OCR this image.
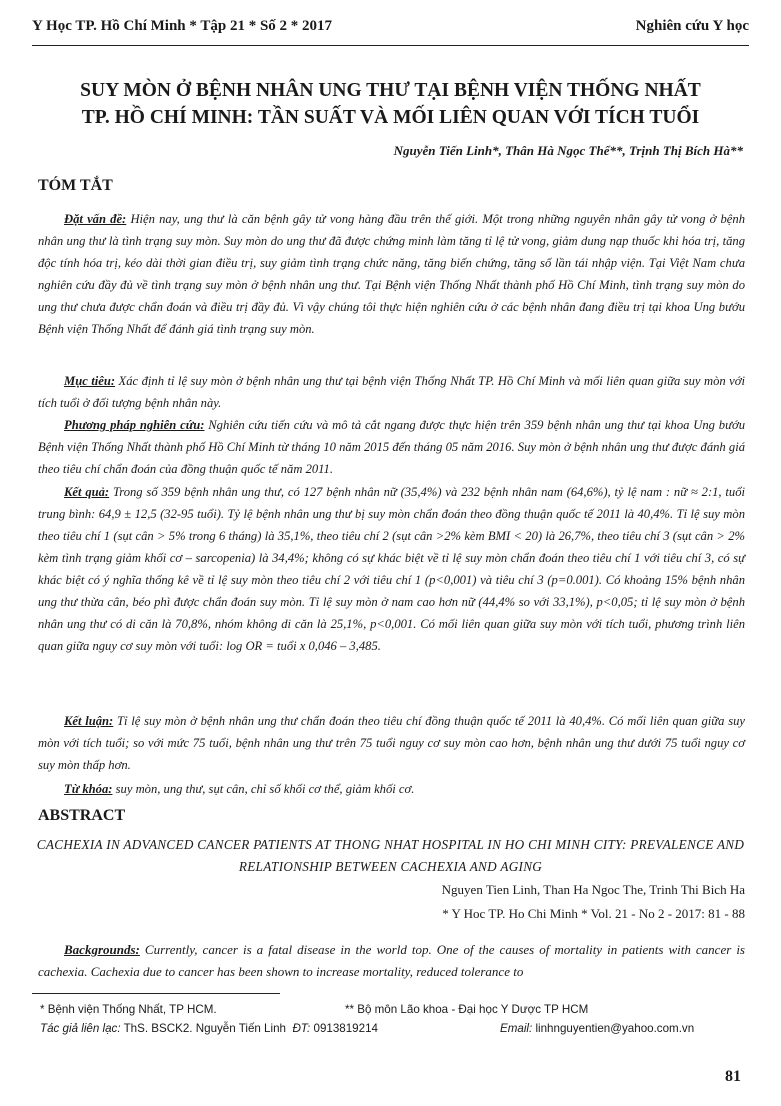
Y Học TP. Hồ Chí Minh * Tập 21 * Số 2 * 2017	Nghiên cứu Y học
SUY MÒN Ở BỆNH NHÂN UNG THƯ TẠI BỆNH VIỆN THỐNG NHẤT
TP. HỒ CHÍ MINH: TẦN SUẤT VÀ MỐI LIÊN QUAN VỚI TÍCH TUỔI
Nguyễn Tiến Linh*, Thân Hà Ngọc Thể**, Trịnh Thị Bích Hà**
TÓM TẮT
Đặt vấn đề: Hiện nay, ung thư là căn bệnh gây tử vong hàng đầu trên thế giới. Một trong những nguyên nhân gây tử vong ở bệnh nhân ung thư là tình trạng suy mòn. Suy mòn do ung thư đã được chứng minh làm tăng tỉ lệ tử vong, giảm dung nạp thuốc khi hóa trị, tăng độc tính hóa trị, kéo dài thời gian điều trị, suy giảm tình trạng chức năng, tăng biến chứng, tăng số lần tái nhập viện. Tại Việt Nam chưa nghiên cứu đầy đủ về tình trạng suy mòn ở bệnh nhân ung thư. Tại Bệnh viện Thống Nhất thành phố Hồ Chí Minh, tình trạng suy mòn do ung thư chưa được chẩn đoán và điều trị đầy đủ. Vì vậy chúng tôi thực hiện nghiên cứu ở các bệnh nhân đang điều trị tại khoa Ung bướu Bệnh viện Thống Nhất để đánh giá tình trạng suy mòn.
Mục tiêu: Xác định tỉ lệ suy mòn ở bệnh nhân ung thư tại bệnh viện Thống Nhất TP. Hồ Chí Minh và mối liên quan giữa suy mòn với tích tuổi ở đối tượng bệnh nhân này.
Phương pháp nghiên cứu: Nghiên cứu tiến cứu và mô tả cắt ngang được thực hiện trên 359 bệnh nhân ung thư tại khoa Ung bướu Bệnh viện Thống Nhất thành phố Hồ Chí Minh từ tháng 10 năm 2015 đến tháng 05 năm 2016. Suy mòn ở bệnh nhân ung thư được đánh giá theo tiêu chí chẩn đoán của đồng thuận quốc tế năm 2011.
Kết quả: Trong số 359 bệnh nhân ung thư, có 127 bệnh nhân nữ (35,4%) và 232 bệnh nhân nam (64,6%), tỷ lệ nam : nữ ≈ 2:1, tuổi trung bình: 64,9 ± 12,5 (32-95 tuổi). Tỷ lệ bệnh nhân ung thư bị suy mòn chẩn đoán theo đồng thuận quốc tế 2011 là 40,4%. Tỉ lệ suy mòn theo tiêu chí 1 (sụt cân > 5% trong 6 tháng) là 35,1%, theo tiêu chí 2 (sụt cân >2% kèm BMI < 20) là 26,7%, theo tiêu chí 3 (sụt cân > 2% kèm tình trạng giảm khối cơ – sarcopenia) là 34,4%; không có sự khác biệt về tỉ lệ suy mòn chẩn đoán theo tiêu chí 1 với tiêu chí 3, có sự khác biệt có ý nghĩa thống kê về tỉ lệ suy mòn theo tiêu chí 2 với tiêu chí 1 (p<0,001) và tiêu chí 3 (p=0.001). Có khoảng 15% bệnh nhân ung thư thừa cân, béo phì được chẩn đoán suy mòn. Tỉ lệ suy mòn ở nam cao hơn nữ (44,4% so với 33,1%), p<0,05; tỉ lệ suy mòn ở bệnh nhân ung thư có di căn là 70,8%, nhóm không di căn là 25,1%, p<0,001. Có mối liên quan giữa suy mòn với tích tuổi, phương trình liên quan giữa nguy cơ suy mòn với tuổi: log OR = tuổi x 0,046 – 3,485.
Kết luận: Tỉ lệ suy mòn ở bệnh nhân ung thư chẩn đoán theo tiêu chí đồng thuận quốc tế 2011 là 40,4%. Có mối liên quan giữa suy mòn với tích tuổi; so với mức 75 tuổi, bệnh nhân ung thư trên 75 tuổi nguy cơ suy mòn cao hơn, bệnh nhân ung thư dưới 75 tuổi nguy cơ suy mòn thấp hơn.
Từ khóa: suy mòn, ung thư, sụt cân, chỉ số khối cơ thể, giảm khối cơ.
ABSTRACT
CACHEXIA IN ADVANCED CANCER PATIENTS AT THONG NHAT HOSPITAL IN HO CHI MINH CITY: PREVALENCE AND RELATIONSHIP BETWEEN CACHEXIA AND AGING
Nguyen Tien Linh, Than Ha Ngoc The, Trinh Thi Bich Ha
* Y Hoc TP. Ho Chi Minh * Vol. 21 - No 2 - 2017: 81 - 88
Backgrounds: Currently, cancer is a fatal disease in the world top. One of the causes of mortality in patients with cancer is cachexia. Cachexia due to cancer has been shown to increase mortality, reduced tolerance to
* Bệnh viện Thống Nhất, TP HCM.	** Bộ môn Lão khoa - Đại học Y Dược TP HCM
Tác giả liên lạc: ThS. BSCK2. Nguyễn Tiến Linh ĐT: 0913819214	Email: linhnguyentien@yahoo.com.vn
81
